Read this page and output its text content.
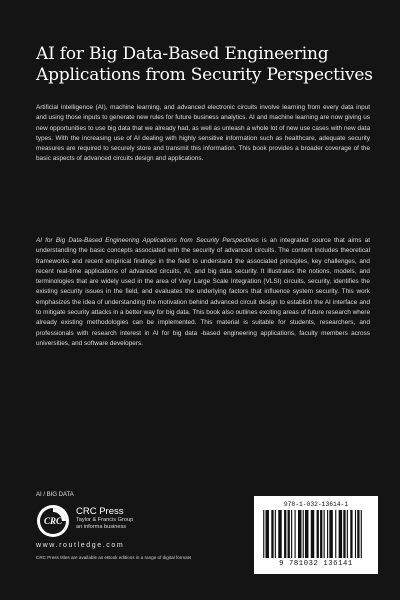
AI for Big Data-Based Engineering Applications from Security Perspectives

Artificial intelligence (AI), machine learning, and advanced electronic circuits involve learning from every data input and using those inputs to generate new rules for future business analytics. AI and machine learning are now giving us new opportunities to use big data that we already had, as well as unleash a whole lot of new use cases with new data types. With the increasing use of AI dealing with highly sensitive information such as healthcare, adequate security measures are required to securely store and transmit this information. This book provides a broader coverage of the basic aspects of advanced circuits design and applications.

AI for Big Data-Based Engineering Applications from Security Perspectives is an integrated source that aims at understanding the basic concepts associated with the security of advanced circuits. The content includes theoretical frameworks and recent empirical findings in the field to understand the associated principles, key challenges, and recent real-time applications of advanced circuits, AI, and big data security. It illustrates the notions, models, and terminologies that are widely used in the area of Very Large Scale Integration (VLSI) circuits, security, identifies the existing security issues in the field, and evaluates the underlying factors that influence system security. This work emphasizes the idea of understanding the motivation behind advanced circuit design to establish the AI interface and to mitigate security attacks in a better way for big data. This book also outlines exciting areas of future research where already existing methodologies can be implemented. This material is suitable for students, researchers, and professionals with research interest in AI for big data -based engineering applications, faculty members across universities, and software developers.

AI / BIG DATA
CRC
CRC Press
Taylor & Francis Group
an informa business
www.routledge.com
CRC Press titles are available as eBook editions in a range of digital formats
978-1-032-13614-1
9 781032 136141
